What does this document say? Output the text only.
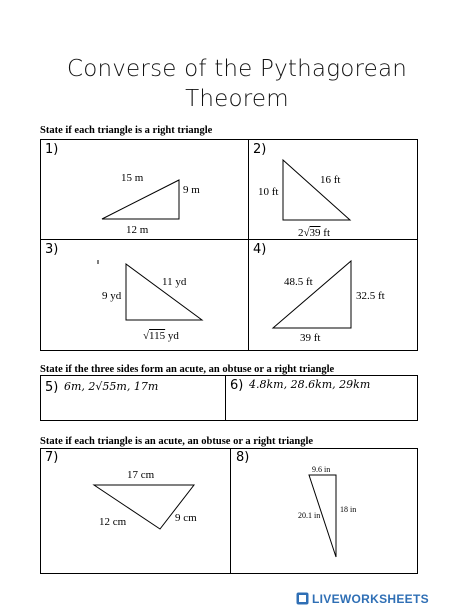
Converse of the Pythagorean
Theorem
State if each triangle is a right triangle
1)
15 m
9 m
12 m
2)
10 ft
16 ft
2√39 ft
3)
9 yd
11 yd
√115 yd
4)
48.5 ft
32.5 ft
39 ft
State if the three sides form an acute, an obtuse or a right triangle
5) 6m, 2√55m, 17m	6) 4.8km, 28.6km, 29km
State if each triangle is an acute, an obtuse or a right triangle
7)
17 cm
12 cm	9 cm
8)
9.6 in
20.1 in
18 in
LIVEWORKSHEETS
